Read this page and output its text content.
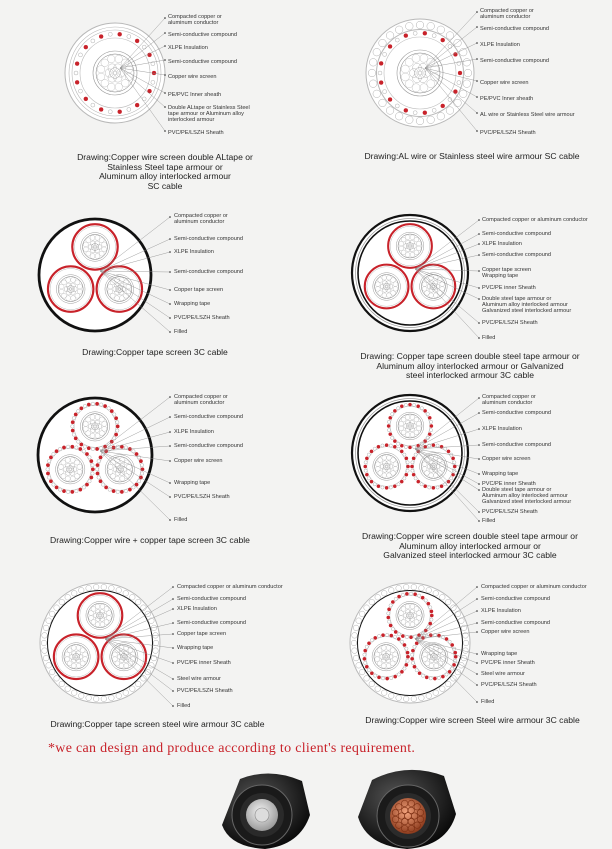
Compacted copper or
aluminum conductor
Semi-conductive compound
XLPE Insulation
Semi-conductive compound
Copper wire screen
PE/PVC Inner sheath
Double ALtape or Stainless Steel
tape armour or Aluminum alloy
interlocked armour
PVC/PE/LSZH Sheath
Drawing:Copper wire screen double ALtape or
Stainless Steel tape armour or
Aluminum alloy interlocked armour
SC cable
Compacted copper or
aluminum conductor
Semi-conductive compound
XLPE Insulation
Semi-conductive compound
Copper wire screen
PE/PVC Inner sheath
AL wire or Stainless Steel wire armour
PVC/PE/LSZH Sheath
Drawing:AL wire or Stainless steel wire armour SC cable
Compacted copper or
aluminum conductor
Semi-conductive compound
XLPE Insulation
Semi-conductive compound
Copper tape screen
Wrapping tape
PVC/PE/LSZH Sheath
Filled
Drawing:Copper tape screen 3C cable
Compacted copper or aluminum conductor
Semi-conductive compound
XLPE Insulation
Semi-conductive compound
Copper tape screen
Wrapping tape
PVC/PE inner Sheath
Double steel tape armour or
Aluminum alloy interlocked armour
Galvanized steel interlocked armour
PVC/PE/LSZH Sheath
Filled
Drawing: Copper tape screen double steel tape armour or
Aluminum alloy interlocked armour or Galvanized
steel interlocked armour 3C cable
Compacted copper or
aluminum conductor
Semi-conductive compound
XLPE Insulation
Semi-conductive compound
Copper wire screen
Wrapping tape
PVC/PE/LSZH Sheath
Filled
Drawing:Copper wire + copper tape screen 3C cable
Compacted copper or
aluminum conductor
Semi-conductive compound
XLPE Insulation
Semi-conductive compound
Copper wire screen
Wrapping tape
PVC/PE inner Sheath
Double steel tape armour or
Aluminum alloy interlocked armour
Galvanized steel interlocked armour
PVC/PE/LSZH Sheath
Filled
Drawing:Copper wire screen double steel tape armour or
Aluminum alloy interlocked armour or
Galvanized steel interlocked armour 3C cable
Compacted copper or aluminum conductor
Semi-conductive compound
XLPE Insulation
Semi-conductive compound
Copper tape screen
Wrapping tape
PVC/PE inner Sheath
Steel wire armour
PVC/PE/LSZH Sheath
Filled
Drawing:Copper tape screen steel wire armour 3C cable
Compacted copper or aluminum conductor
Semi-conductive compound
XLPE Insulation
Semi-conductive compound
Copper wire screen
Wrapping tape
PVC/PE inner Sheath
Steel wire armour
PVC/PE/LSZH Sheath
Filled
Drawing:Copper wire screen Steel wire armour 3C cable
*we can design and produce according to client's requirement.
